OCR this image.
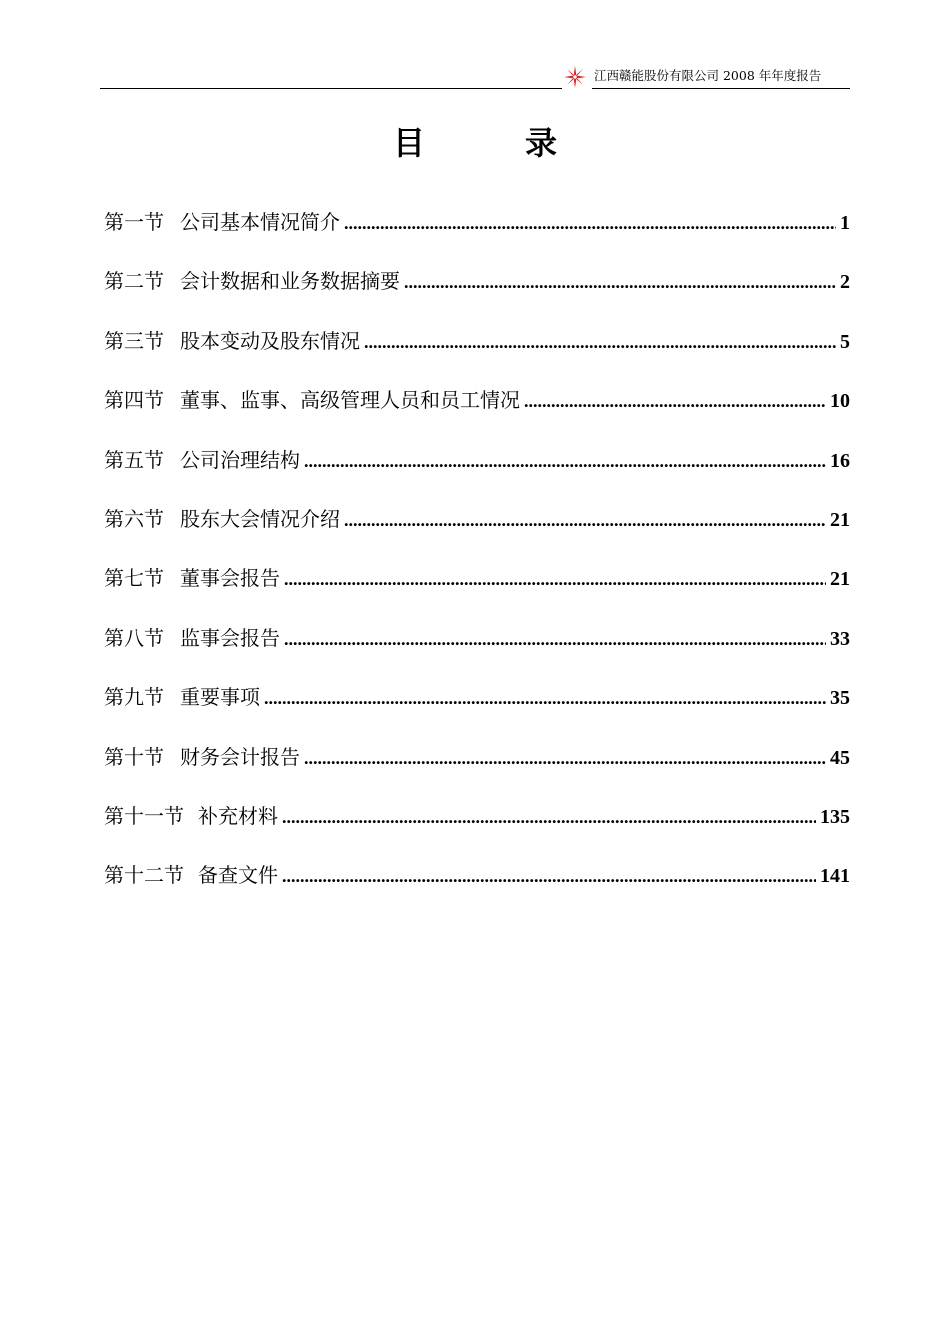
江西赣能股份有限公司 2008 年年度报告
目录
第一节 公司基本情况简介 .....	1
第二节 会计数据和业务数据摘要 .....	2
第三节 股本变动及股东情况 .....	5
第四节 董事、监事、高级管理人员和员工情况 .....	10
第五节 公司治理结构 .....	16
第六节 股东大会情况介绍 .....	21
第七节 董事会报告 .....	21
第八节 监事会报告 .....	33
第九节 重要事项 .....	35
第十节 财务会计报告 .....	45
第十一节 补充材料 .....	135
第十二节 备查文件 .....	141
